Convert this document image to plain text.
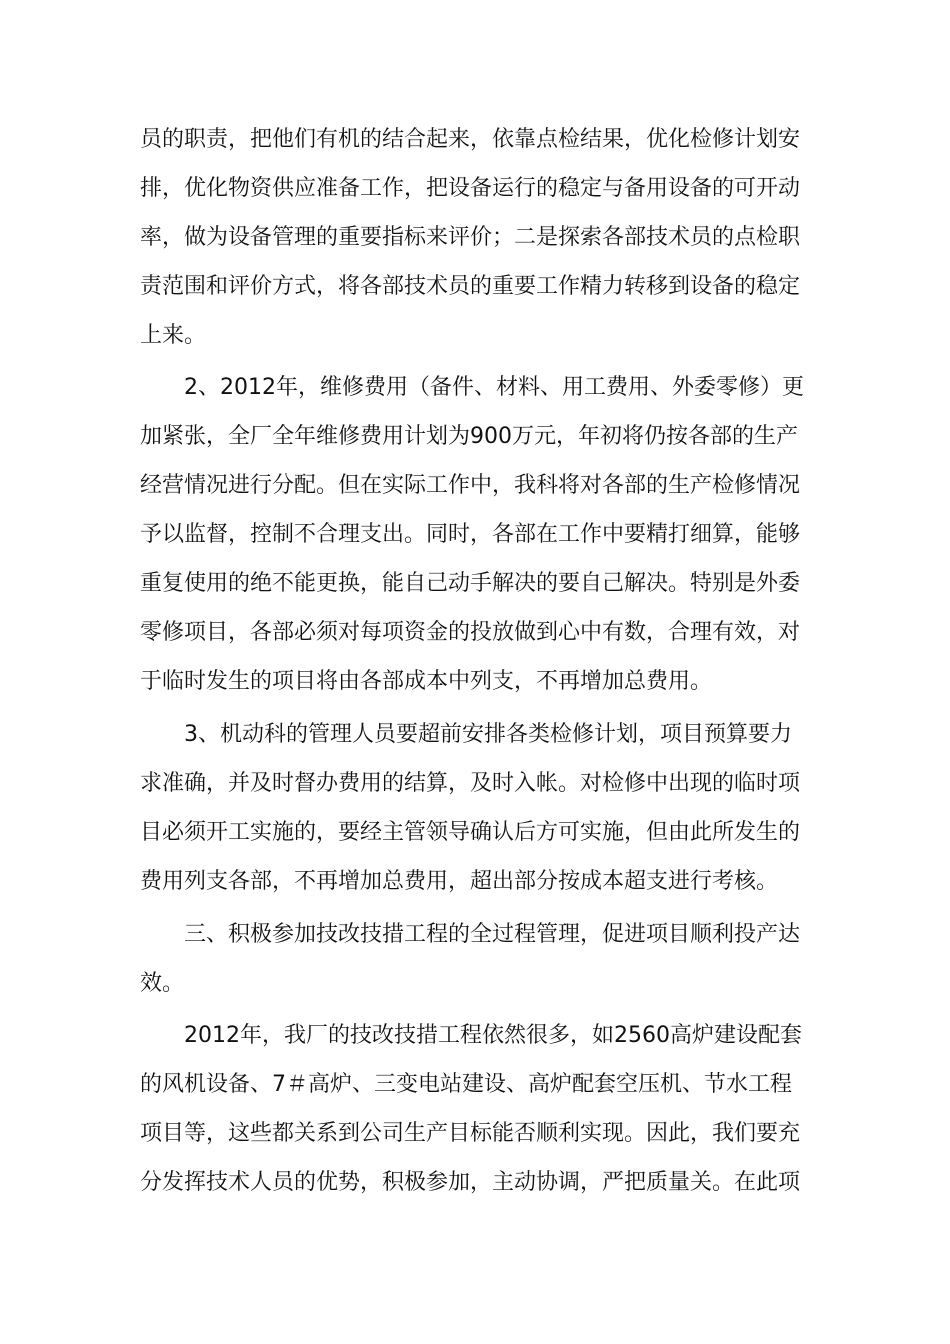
员的职责，把他们有机的结合起来，依靠点检结果，优化检修计划安
排，优化物资供应准备工作，把设备运行的稳定与备用设备的可开动
率，做为设备管理的重要指标来评价；二是探索各部技术员的点检职
责范围和评价方式，将各部技术员的重要工作精力转移到设备的稳定
上来。
2、2012年，维修费用（备件、材料、用工费用、外委零修）更
加紧张，全厂全年维修费用计划为900万元，年初将仍按各部的生产
经营情况进行分配。但在实际工作中，我科将对各部的生产检修情况
予以监督，控制不合理支出。同时，各部在工作中要精打细算，能够
重复使用的绝不能更换，能自己动手解决的要自己解决。特别是外委
零修项目，各部必须对每项资金的投放做到心中有数，合理有效，对
于临时发生的项目将由各部成本中列支，不再增加总费用。
3、机动科的管理人员要超前安排各类检修计划，项目预算要力
求准确，并及时督办费用的结算，及时入帐。对检修中出现的临时项
目必须开工实施的，要经主管领导确认后方可实施，但由此所发生的
费用列支各部，不再增加总费用，超出部分按成本超支进行考核。
三、积极参加技改技措工程的全过程管理，促进项目顺利投产达
效。
2012年，我厂的技改技措工程依然很多，如2560高炉建设配套
的风机设备、7＃高炉、三变电站建设、高炉配套空压机、节水工程
项目等，这些都关系到公司生产目标能否顺利实现。因此，我们要充
分发挥技术人员的优势，积极参加，主动协调，严把质量关。在此项
